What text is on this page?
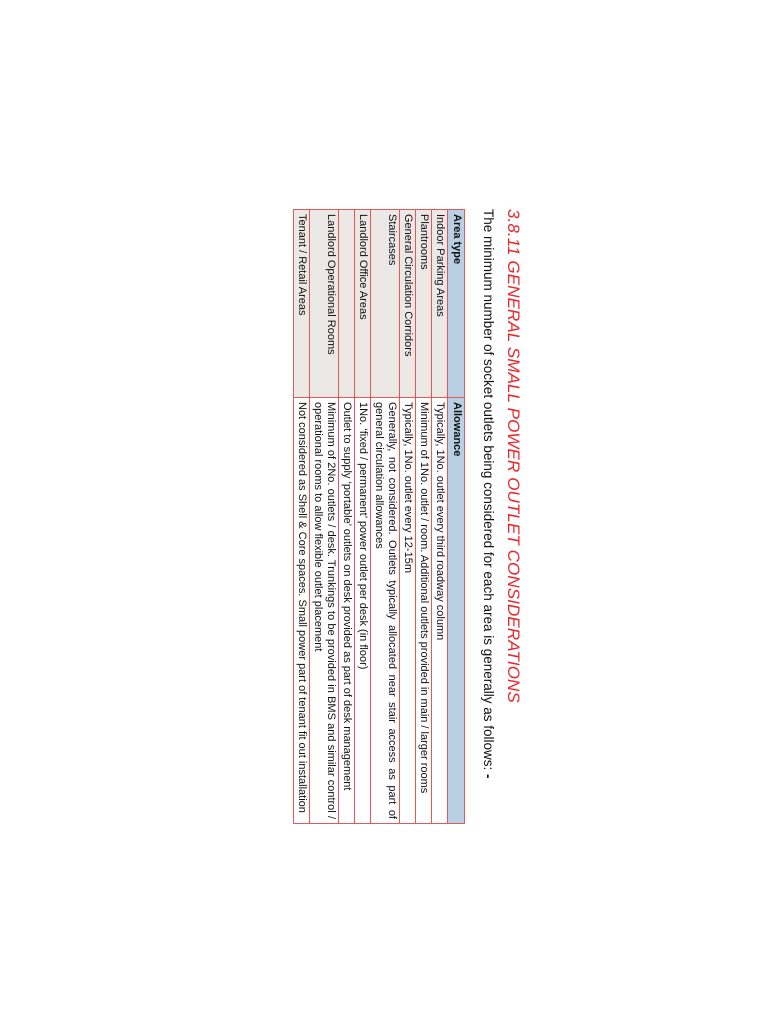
3.8.11 GENERAL SMALL POWER OUTLET CONSIDERATIONS
The minimum number of socket outlets being considered for each area is generally as follows: -
Area type	Allowance
Indoor Parking Areas	Typically, 1No. outlet every third roadway column
Plantrooms	Minimum of 1No. outlet / room. Additional outlets provided in main / larger rooms
General Circulation Corridors	Typically, 1No. outlet every 12-15m
Staircases	Generally, not considered. Outlets typically allocated near stair access as part of general circulation allowances
Landlord Office Areas	1No. ‘fixed / permanent’ power outlet per desk (in floor)
	Outlet to supply ‘portable’ outlets on desk provided as part of desk management
Landlord Operational Rooms	Minimum of 2No. outlets / desk. Trunkings to be provided in BMS and similar control / operational rooms to allow flexible outlet placement
Tenant / Retail Areas	Not considered as Shell & Core spaces. Small power part of tenant fit out installation
